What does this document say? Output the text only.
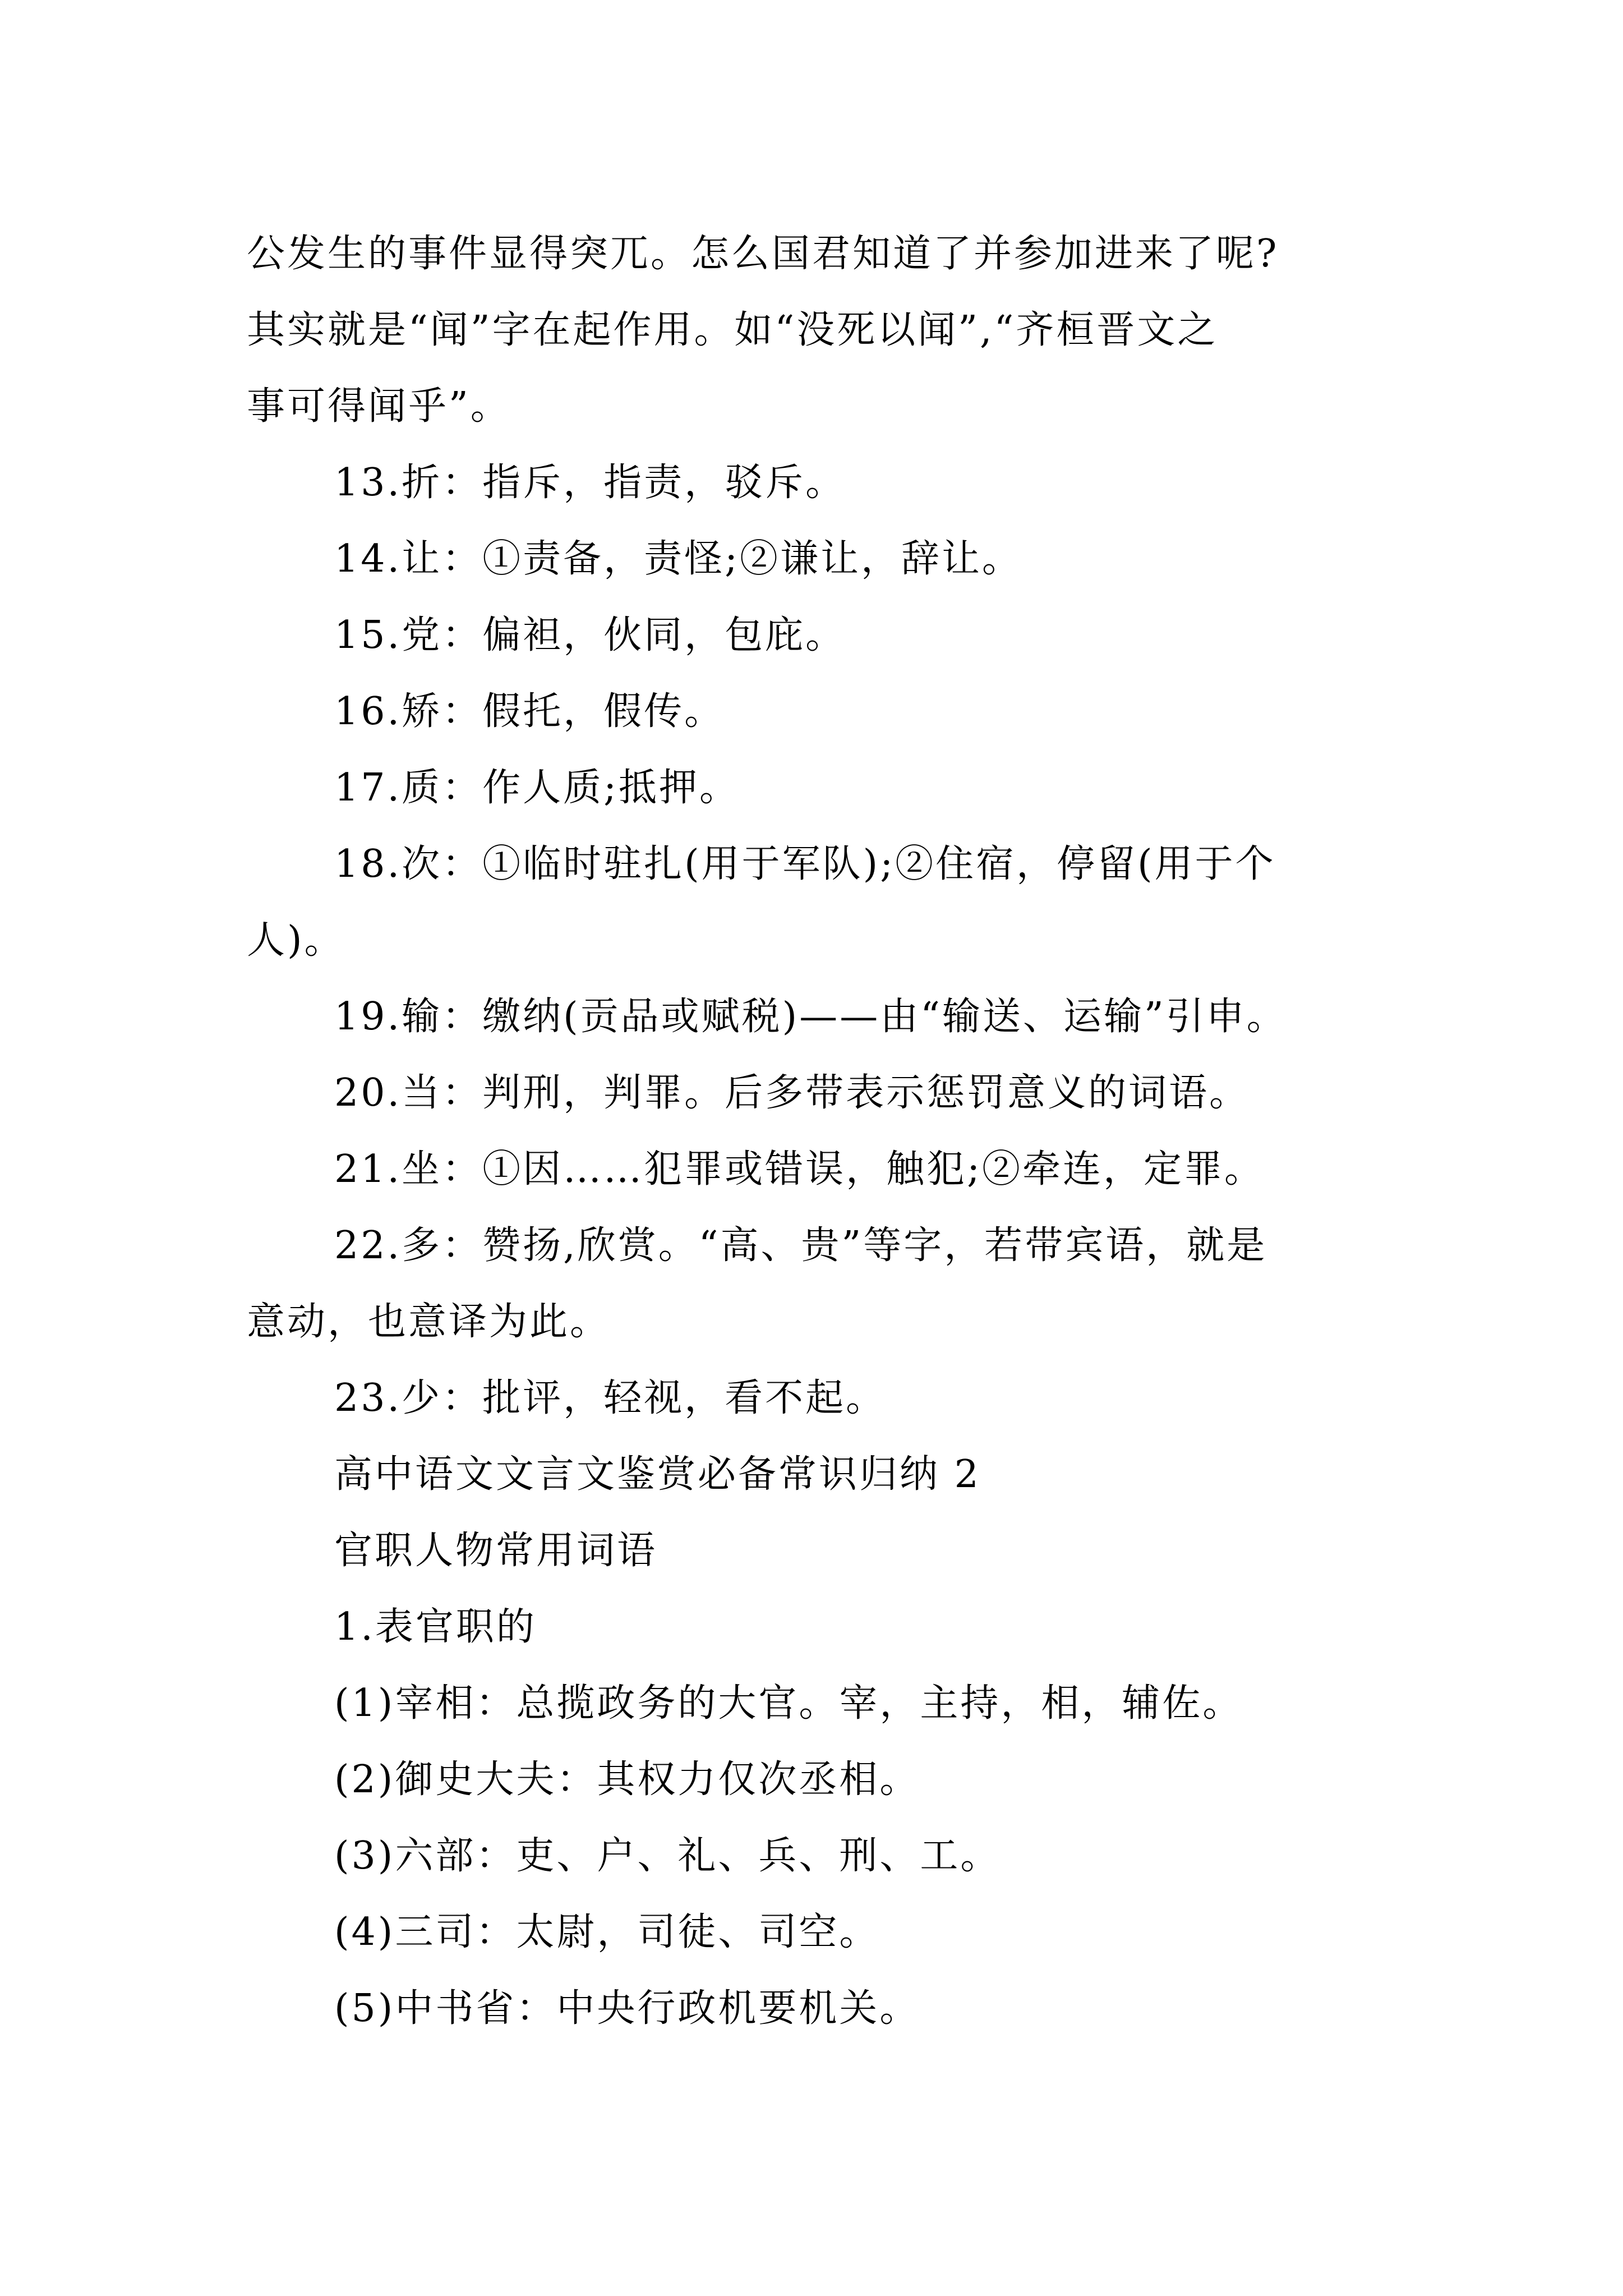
公发生的事件显得突兀。怎么国君知道了并参加进来了呢?
其实就是“闻”字在起作用。如“没死以闻”,“齐桓晋文之
事可得闻乎”。
13.折：指斥，指责，驳斥。
14.让：①责备，责怪;②谦让，辞让。
15.党：偏袒，伙同，包庇。
16.矫：假托，假传。
17.质：作人质;抵押。
18.次：①临时驻扎(用于军队);②住宿，停留(用于个
人)。
19.输：缴纳(贡品或赋税)——由“输送、运输”引申。
20.当：判刑，判罪。后多带表示惩罚意义的词语。
21.坐：①因……犯罪或错误，触犯;②牵连，定罪。
22.多：赞扬,欣赏。“高、贵”等字，若带宾语，就是
意动，也意译为此。
23.少：批评，轻视，看不起。
高中语文文言文鉴赏必备常识归纳 2
官职人物常用词语
1.表官职的
(1)宰相：总揽政务的大官。宰，主持，相，辅佐。
(2)御史大夫：其权力仅次丞相。
(3)六部：吏、户、礼、兵、刑、工。
(4)三司：太尉，司徒、司空。
(5)中书省：中央行政机要机关。
